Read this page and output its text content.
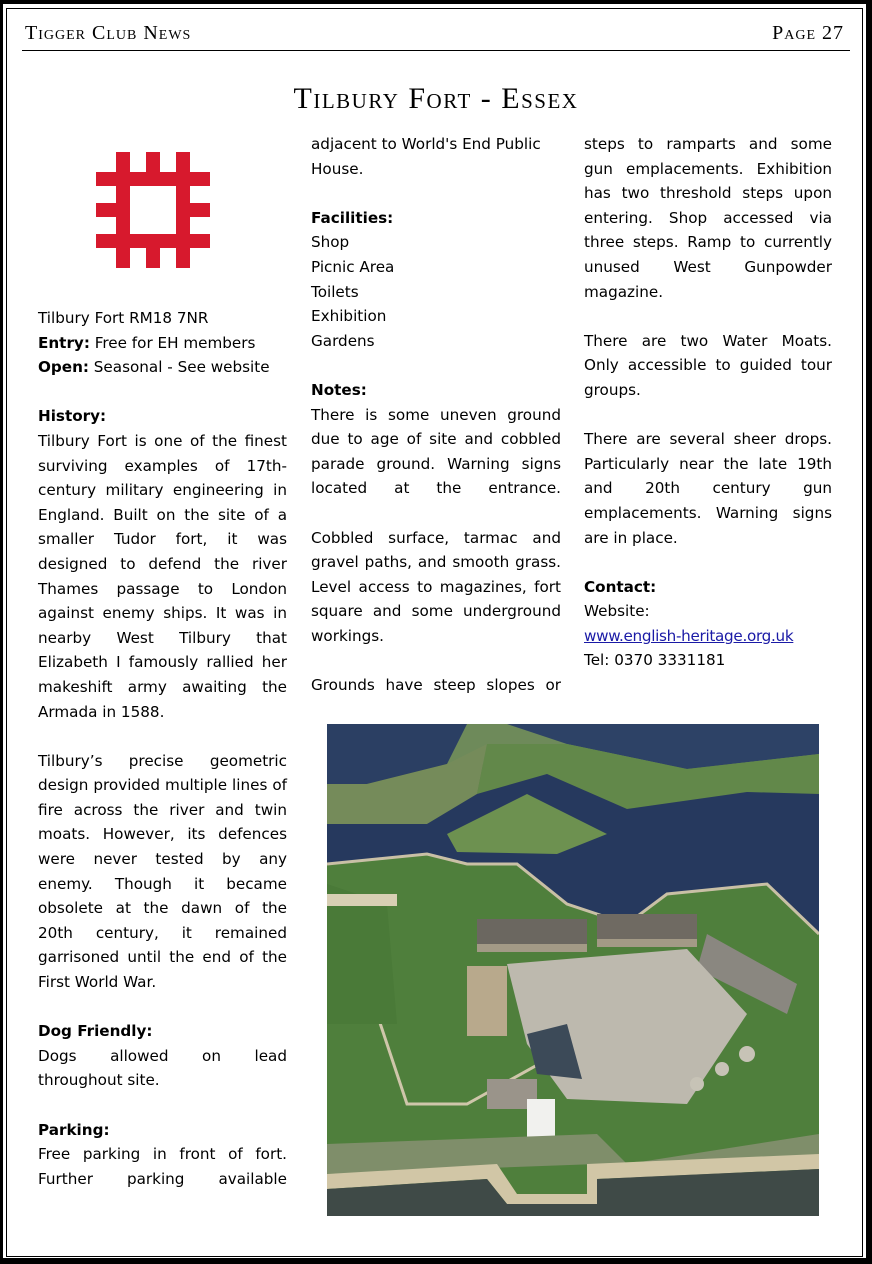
Tigger Club News	Page 27
Tilbury Fort - Essex

Tilbury Fort RM18 7NR

Entry: Free for EH members

Open: Seasonal - See website

History:

Tilbury Fort is one of the finest surviving examples of 17th-century military engineering in England. Built on the site of a smaller Tudor fort, it was designed to defend the river Thames passage to London against enemy ships. It was in nearby West Tilbury that Elizabeth I famously rallied her makeshift army awaiting the Armada in 1588.

Tilbury’s precise geometric design provided multiple lines of fire across the river and twin moats. However, its defences were never tested by any enemy. Though it became obsolete at the dawn of the 20th century, it remained garrisoned until the end of the First World War.

Dog Friendly:

Dogs allowed on lead throughout site.

Parking:

Free parking in front of fort. Further parking available

adjacent to World's End Public House.

Facilities:

Shop

Picnic Area

Toilets

Exhibition

Gardens

Notes:

There is some uneven ground due to age of site and cobbled parade ground. Warning signs located at the entrance.

Cobbled surface, tarmac and gravel paths, and smooth grass. Level access to magazines, fort square and some underground workings.

Grounds have steep slopes or

steps to ramparts and some gun emplacements. Exhibition has two threshold steps upon entering. Shop accessed via three steps. Ramp to currently unused West Gunpowder magazine.

There are two Water Moats. Only accessible to guided tour groups.

There are several sheer drops. Particularly near the late 19th and 20th century gun emplacements. Warning signs are in place.

Contact:

Website:

www.english-heritage.org.uk

Tel: 0370 3331181
